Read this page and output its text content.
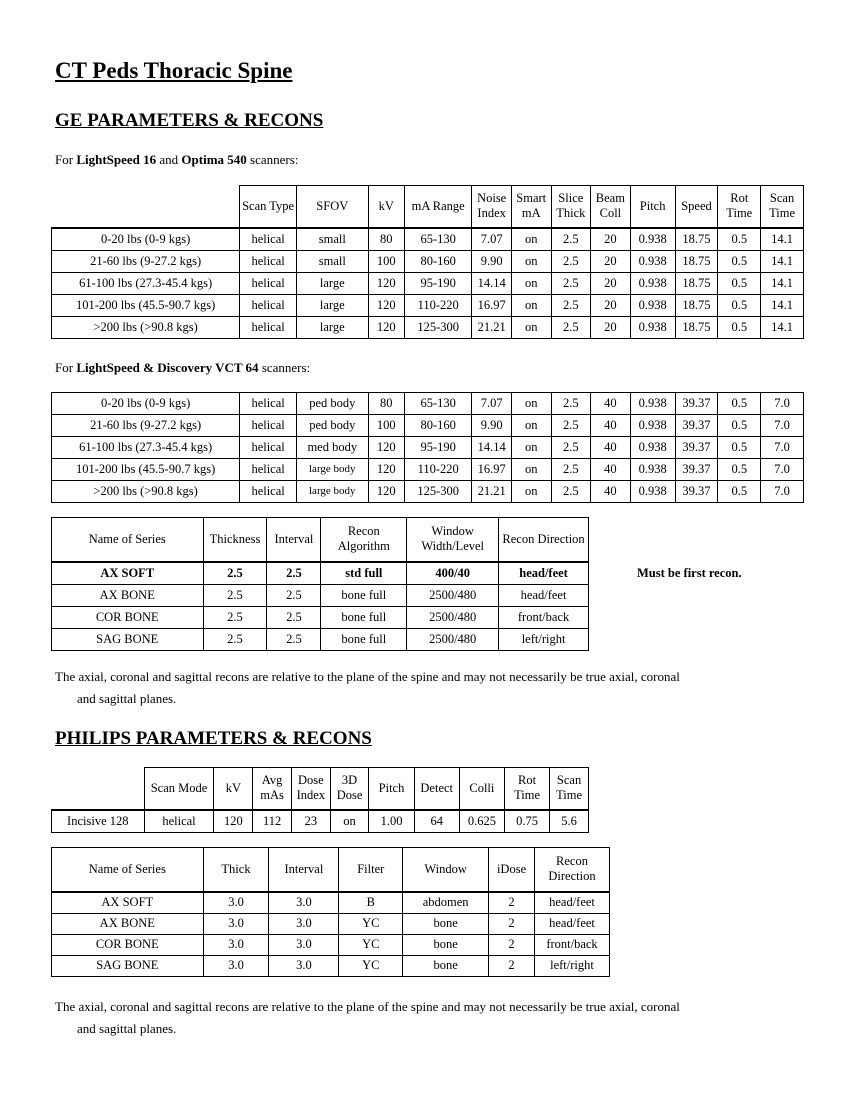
CT Peds Thoracic Spine
GE PARAMETERS & RECONS

For LightSpeed 16 and Optima 540 scanners:

	Scan Type	SFOV	kV	mA Range	Noise Index	Smart mA	Slice Thick	Beam Coll	Pitch	Speed	Rot Time	Scan Time
0-20 lbs (0-9 kgs)	helical	small	80	65-130	7.07	on	2.5	20	0.938	18.75	0.5	14.1
21-60 lbs (9-27.2 kgs)	helical	small	100	80-160	9.90	on	2.5	20	0.938	18.75	0.5	14.1
61-100 lbs (27.3-45.4 kgs)	helical	large	120	95-190	14.14	on	2.5	20	0.938	18.75	0.5	14.1
101-200 lbs (45.5-90.7 kgs)	helical	large	120	110-220	16.97	on	2.5	20	0.938	18.75	0.5	14.1
>200 lbs (>90.8 kgs)	helical	large	120	125-300	21.21	on	2.5	20	0.938	18.75	0.5	14.1

For LightSpeed & Discovery VCT 64 scanners:

0-20 lbs (0-9 kgs)	helical	ped body	80	65-130	7.07	on	2.5	40	0.938	39.37	0.5	7.0
21-60 lbs (9-27.2 kgs)	helical	ped body	100	80-160	9.90	on	2.5	40	0.938	39.37	0.5	7.0
61-100 lbs (27.3-45.4 kgs)	helical	med body	120	95-190	14.14	on	2.5	40	0.938	39.37	0.5	7.0
101-200 lbs (45.5-90.7 kgs)	helical	large body	120	110-220	16.97	on	2.5	40	0.938	39.37	0.5	7.0
>200 lbs (>90.8 kgs)	helical	large body	120	125-300	21.21	on	2.5	40	0.938	39.37	0.5	7.0
Name of Series	Thickness	Interval	Recon Algorithm	Window Width/Level	Recon Direction
AX SOFT	2.5	2.5	std full	400/40	head/feet
AX BONE	2.5	2.5	bone full	2500/480	head/feet
COR BONE	2.5	2.5	bone full	2500/480	front/back
SAG BONE	2.5	2.5	bone full	2500/480	left/right
Must be first recon.
The axial, coronal and sagittal recons are relative to the plane of the spine and may not necessarily be true axial, coronal
and sagittal planes.
PHILIPS PARAMETERS & RECONS
	Scan Mode	kV	Avg mAs	Dose Index	3D Dose	Pitch	Detect	Colli	Rot Time	Scan Time
Incisive 128	helical	120	112	23	on	1.00	64	0.625	0.75	5.6
Name of Series	Thick	Interval	Filter	Window	iDose	Recon Direction
AX SOFT	3.0	3.0	B	abdomen	2	head/feet
AX BONE	3.0	3.0	YC	bone	2	head/feet
COR BONE	3.0	3.0	YC	bone	2	front/back
SAG BONE	3.0	3.0	YC	bone	2	left/right
The axial, coronal and sagittal recons are relative to the plane of the spine and may not necessarily be true axial, coronal
and sagittal planes.
